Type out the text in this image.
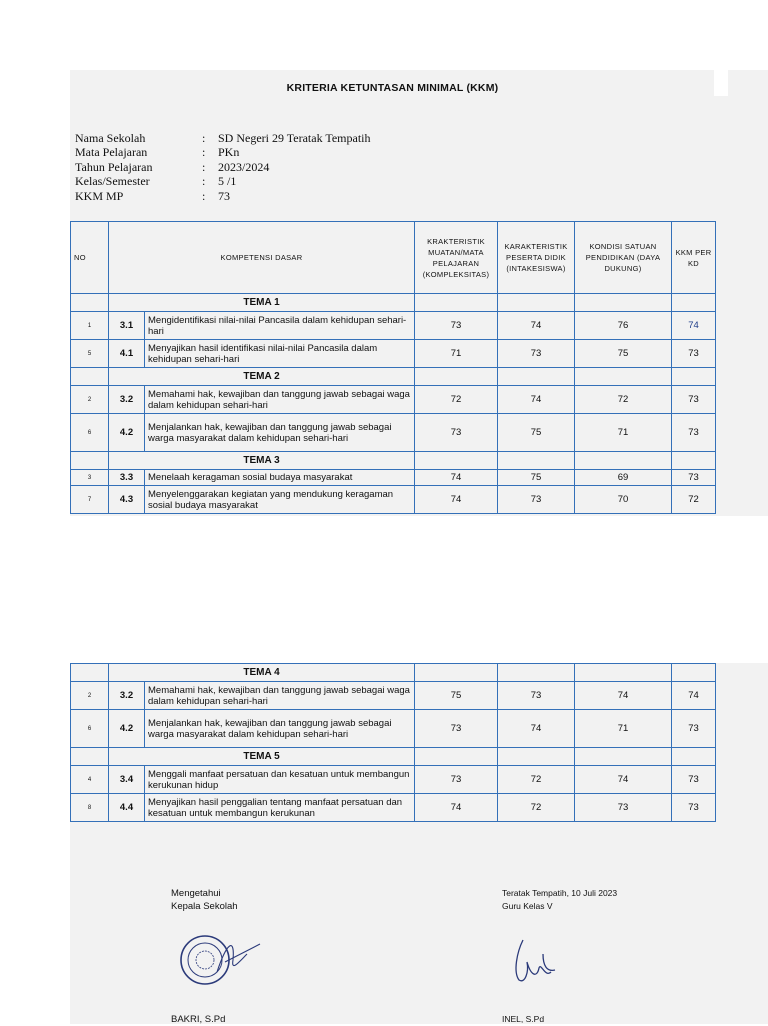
KRITERIA KETUNTASAN MINIMAL (KKM)
Nama Sekolah	:	SD Negeri 29 Teratak Tempatih
Mata Pelajaran	:	PKn
Tahun Pelajaran	:	2023/2024
Kelas/Semester	:	5 /1
KKM MP	:	73
NO	KOMPETENSI DASAR		KRAKTERISTIK MUATAN/MATA PELAJARAN (KOMPLEKSITAS)	KARAKTERISTIK PESERTA DIDIK (INTAKESISWA)	KONDISI SATUAN PENDIDIKAN (DAYA DUKUNG)	KKM PER KD
	TEMA 1					
1	3.1	Mengidentifikasi nilai-nilai Pancasila dalam kehidupan sehari-hari	73	74	76	74
5	4.1	Menyajikan hasil identifikasi nilai-nilai Pancasila dalam kehidupan sehari-hari	71	73	75	73
	TEMA 2					
2	3.2	Memahami hak, kewajiban dan tanggung jawab sebagai waga dalam kehidupan sehari-hari	72	74	72	73
6	4.2	Menjalankan hak, kewajiban dan tanggung jawab sebagai warga masyarakat dalam kehidupan sehari-hari	73	75	71	73
	TEMA 3					
3	3.3	Menelaah keragaman sosial budaya masyarakat	74	75	69	73
7	4.3	Menyelenggarakan kegiatan yang mendukung keragaman sosial budaya masyarakat	74	73	70	72
	TEMA 4					
2	3.2	Memahami hak, kewajiban dan tanggung jawab sebagai waga dalam kehidupan sehari-hari	75	73	74	74
6	4.2	Menjalankan hak, kewajiban dan tanggung jawab sebagai warga masyarakat dalam kehidupan sehari-hari	73	74	71	73
	TEMA 5					
4	3.4	Menggali manfaat persatuan dan kesatuan untuk membangun kerukunan hidup	73	72	74	73
8	4.4	Menyajikan hasil penggalian tentang manfaat persatuan dan kesatuan untuk membangun kerukunan	74	72	73	73
Mengetahui
Kepala Sekolah
BAKRI, S.Pd
Teratak Tempatih, 10 Juli 2023
Guru Kelas V
INEL, S.Pd
